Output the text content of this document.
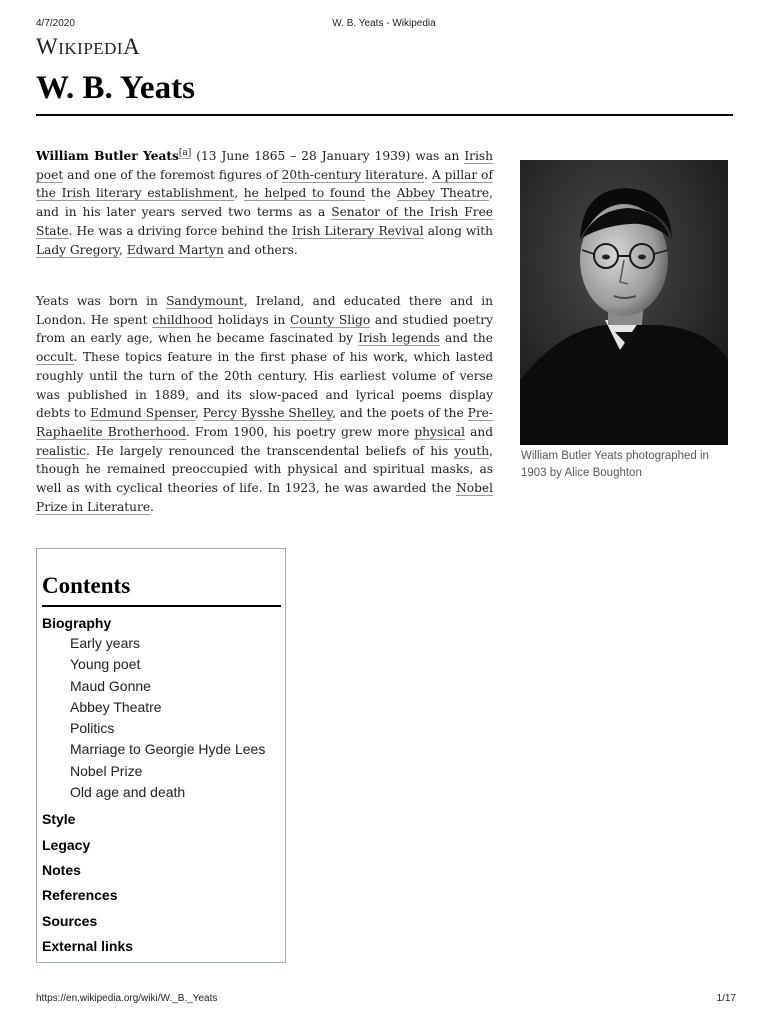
4/7/2020	W. B. Yeats - Wikipedia
WIKIPEDIA
W. B. Yeats

William Butler Yeats[a] (13 June 1865 – 28 January 1939) was an Irish poet and one of the foremost figures of 20th-century literature. A pillar of the Irish literary establishment, he helped to found the Abbey Theatre, and in his later years served two terms as a Senator of the Irish Free State. He was a driving force behind the Irish Literary Revival along with Lady Gregory, Edward Martyn and others.

Yeats was born in Sandymount, Ireland, and educated there and in London. He spent childhood holidays in County Sligo and studied poetry from an early age, when he became fascinated by Irish legends and the occult. These topics feature in the first phase of his work, which lasted roughly until the turn of the 20th century. His earliest volume of verse was published in 1889, and its slow-paced and lyrical poems display debts to Edmund Spenser, Percy Bysshe Shelley, and the poets of the Pre-Raphaelite Brotherhood. From 1900, his poetry grew more physical and realistic. He largely renounced the transcendental beliefs of his youth, though he remained preoccupied with physical and spiritual masks, as well as with cyclical theories of life. In 1923, he was awarded the Nobel Prize in Literature.

William Butler Yeats photographed in 1903 by Alice Boughton

Contents
Biography
Early years
Young poet
Maud Gonne
Abbey Theatre
Politics
Marriage to Georgie Hyde Lees
Nobel Prize
Old age and death
Style
Legacy
Notes
References
Sources
External links
https://en.wikipedia.org/wiki/W._B._Yeats	1/17
